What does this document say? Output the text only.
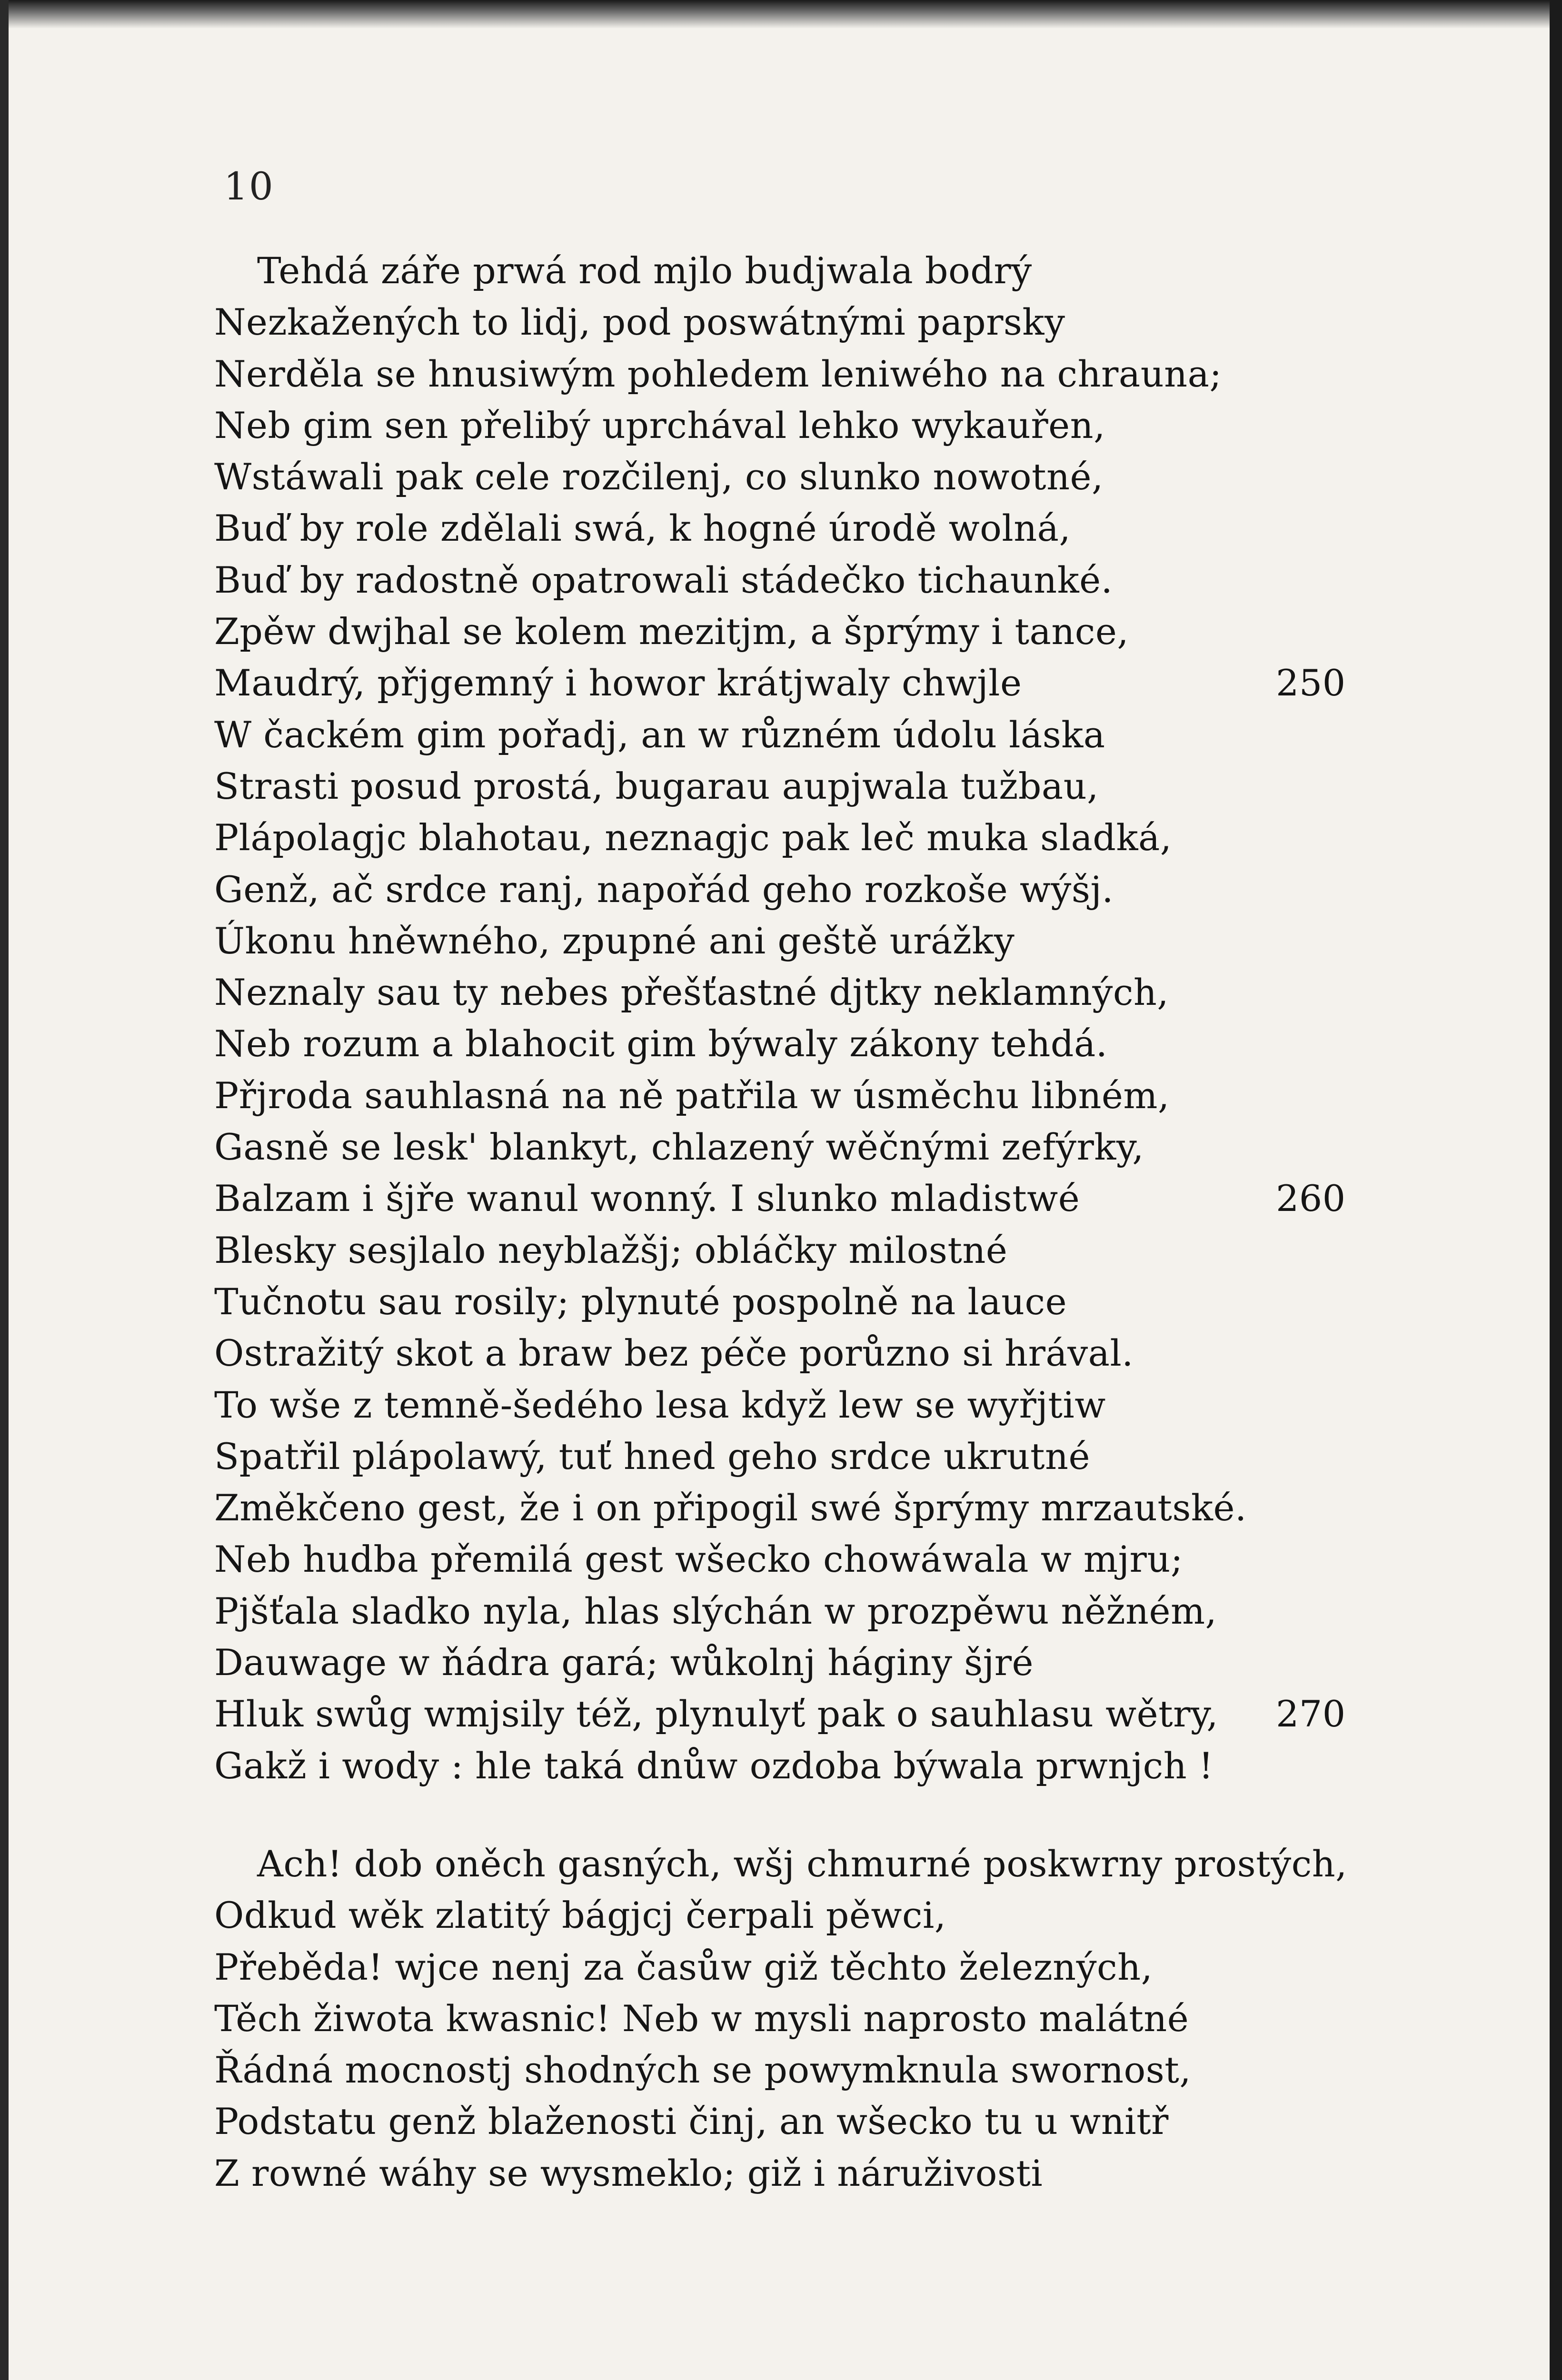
10
Tehdá záře prwá rod mjlo budjwala bodrý
Nezkažených to lidj, pod poswátnými paprsky
Nerděla se hnusiwým pohledem leniwého na chrauna;
Neb gim sen přelibý uprchával lehko wykauřen,
Wstáwali pak cele rozčilenj, co slunko nowotné,
Buď by role zdělali swá, k hogné úrodě wolná,
Buď by radostně opatrowali stádečko tichaunké.
Zpěw dwjhal se kolem mezitjm, a šprýmy i tance,
Maudrý, přjgemný i howor krátjwaly chwjle	250
W čackém gim pořadj, an w různém údolu láska
Strasti posud prostá, bugarau aupjwala tužbau,
Plápolagjc blahotau, neznagjc pak leč muka sladká,
Genž, ač srdce ranj, napořád geho rozkoše wýšj.
Úkonu hněwného, zpupné ani geště urážky
Neznaly sau ty nebes přešťastné djtky neklamných,
Neb rozum a blahocit gim býwaly zákony tehdá.
Přjroda sauhlasná na ně patřila w úsměchu libném,
Gasně se lesk' blankyt, chlazený wěčnými zefýrky,
Balzam i šjře wanul wonný. I slunko mladistwé	260
Blesky sesjlalo neyblažšj; obláčky milostné
Tučnotu sau rosily; plynuté pospolně na lauce
Ostražitý skot a braw bez péče porůzno si hrával.
To wše z temně-šedého lesa když lew se wyřjtiw
Spatřil plápolawý, tuť hned geho srdce ukrutné
Změkčeno gest, že i on připogil swé šprýmy mrzautské.
Neb hudba přemilá gest wšecko chowáwala w mjru;
Pjšťala sladko nyla, hlas slýchán w prozpěwu něžném,
Dauwage w ňádra gará; wůkolnj háginy šjré
Hluk swůg wmjsily též, plynulyť pak o sauhlasu wětry, 270
Gakž i wody : hle taká dnůw ozdoba býwala prwnjch !
Ach! dob oněch gasných, wšj chmurné poskwrny prostých,
Odkud wěk zlatitý bágjcj čerpali pěwci,
Přeběda! wjce nenj za časůw giž těchto železných,
Těch žiwota kwasnic! Neb w mysli naprosto malátné
Řádná mocnostj shodných se powymknula swornost,
Podstatu genž blaženosti činj, an wšecko tu u wnitř
Z rowné wáhy se wysmeklo; giž i náruživosti
